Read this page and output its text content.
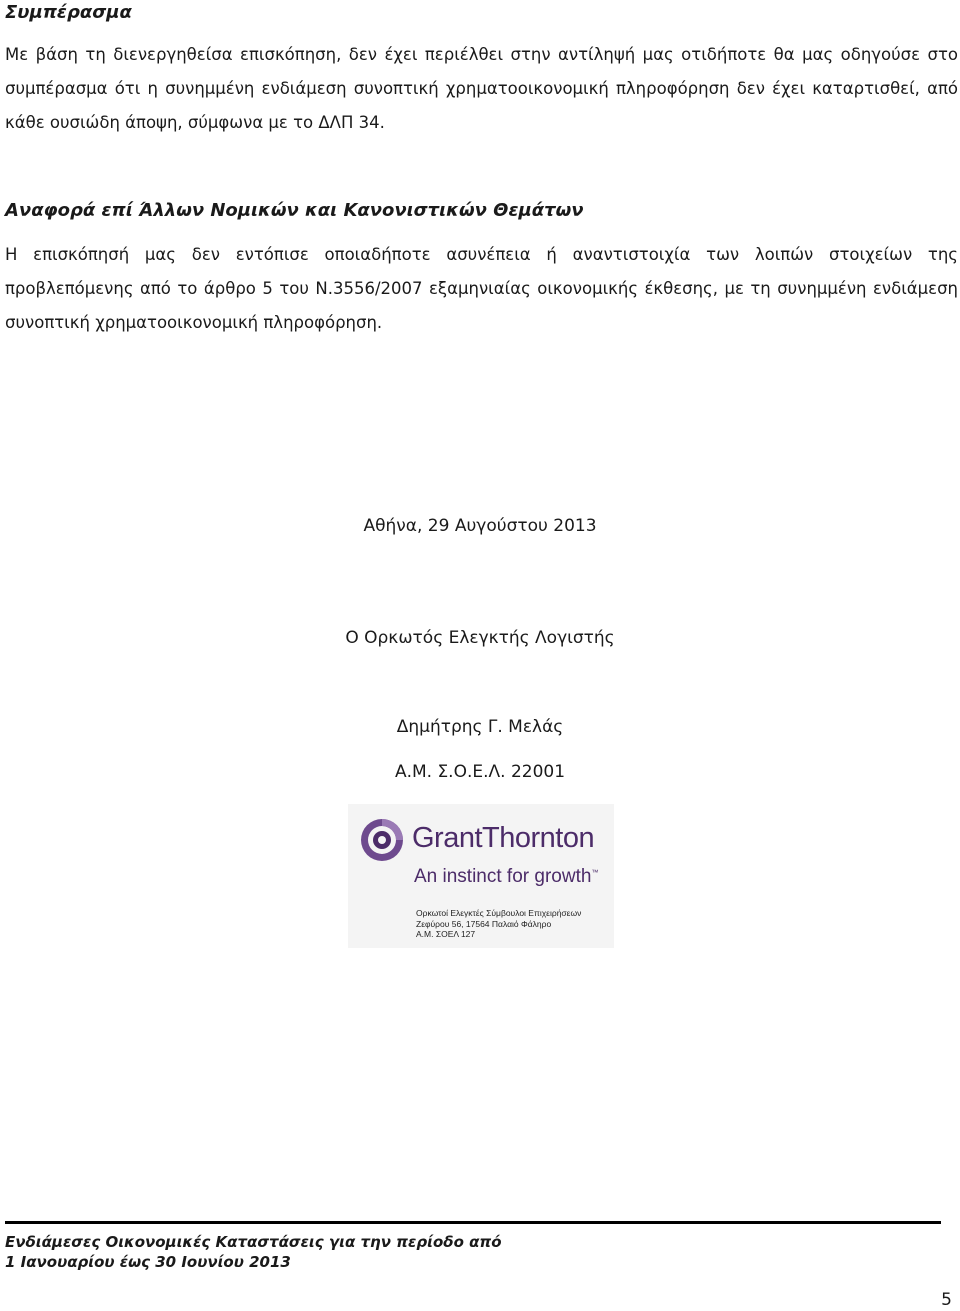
Συμπέρασμα

Με βάση τη διενεργηθείσα επισκόπηση, δεν έχει περιέλθει στην αντίληψή μας οτιδήποτε θα μας οδηγούσε στο συμπέρασμα ότι η συνημμένη ενδιάμεση συνοπτική χρηματοοικονομική πληροφόρηση δεν έχει καταρτισθεί, από κάθε ουσιώδη άποψη, σύμφωνα με το ΔΛΠ 34.

Αναφορά επί Άλλων Νομικών και Κανονιστικών Θεμάτων

Η επισκόπησή μας δεν εντόπισε οποιαδήποτε ασυνέπεια ή αναντιστοιχία των λοιπών στοιχείων της προβλεπόμενης από το άρθρο 5 του Ν.3556/2007 εξαμηνιαίας οικονομικής έκθεσης, με τη συνημμένη ενδιάμεση συνοπτική χρηματοοικονομική πληροφόρηση.

Αθήνα, 29 Αυγούστου 2013

Ο Ορκωτός Ελεγκτής Λογιστής

Δημήτρης Γ. Μελάς

Α.Μ. Σ.Ο.Ε.Λ. 22001

GrantThornton
An instinct for growth™
Ορκωτοί Ελεγκτές Σύμβουλοι Επιχειρήσεων
Ζεφύρου 56, 17564 Παλαιό Φάληρο
Α.Μ. ΣΟΕΛ 127
Ενδιάμεσες Οικονομικές Καταστάσεις για την περίοδο από
1 Ιανουαρίου έως 30 Ιουνίου 2013
5
